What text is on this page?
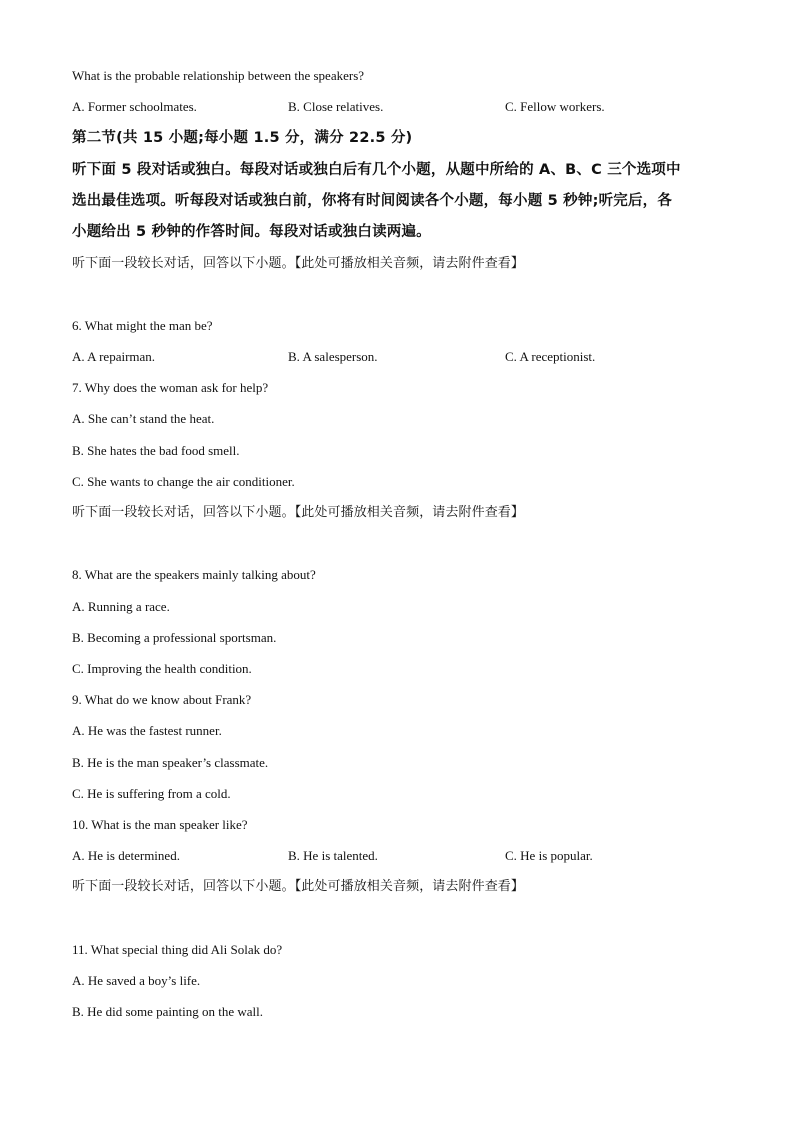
What is the probable relationship between the speakers?
A. Former schoolmates.	B. Close relatives.	C. Fellow workers.
第二节(共 15 小题;每小题 1.5 分，满分 22.5 分)
听下面 5 段对话或独白。每段对话或独白后有几个小题，从题中所给的 A、B、C 三个选项中
选出最佳选项。听每段对话或独白前，你将有时间阅读各个小题，每小题 5 秒钟;听完后，各
小题给出 5 秒钟的作答时间。每段对话或独白读两遍。
听下面一段较长对话，回答以下小题。【此处可播放相关音频，请去附件查看】
6. What might the man be?
A. A repairman.	B. A salesperson.	C. A receptionist.
7. Why does the woman ask for help?
A. She can’t stand the heat.
B. She hates the bad food smell.
C. She wants to change the air conditioner.
听下面一段较长对话，回答以下小题。【此处可播放相关音频，请去附件查看】
8. What are the speakers mainly talking about?
A. Running a race.
B. Becoming a professional sportsman.
C. Improving the health condition.
9. What do we know about Frank?
A. He was the fastest runner.
B. He is the man speaker’s classmate.
C. He is suffering from a cold.
10. What is the man speaker like?
A. He is determined.	B. He is talented.	C. He is popular.
听下面一段较长对话，回答以下小题。【此处可播放相关音频，请去附件查看】
11. What special thing did Ali Solak do?
A. He saved a boy’s life.
B. He did some painting on the wall.
